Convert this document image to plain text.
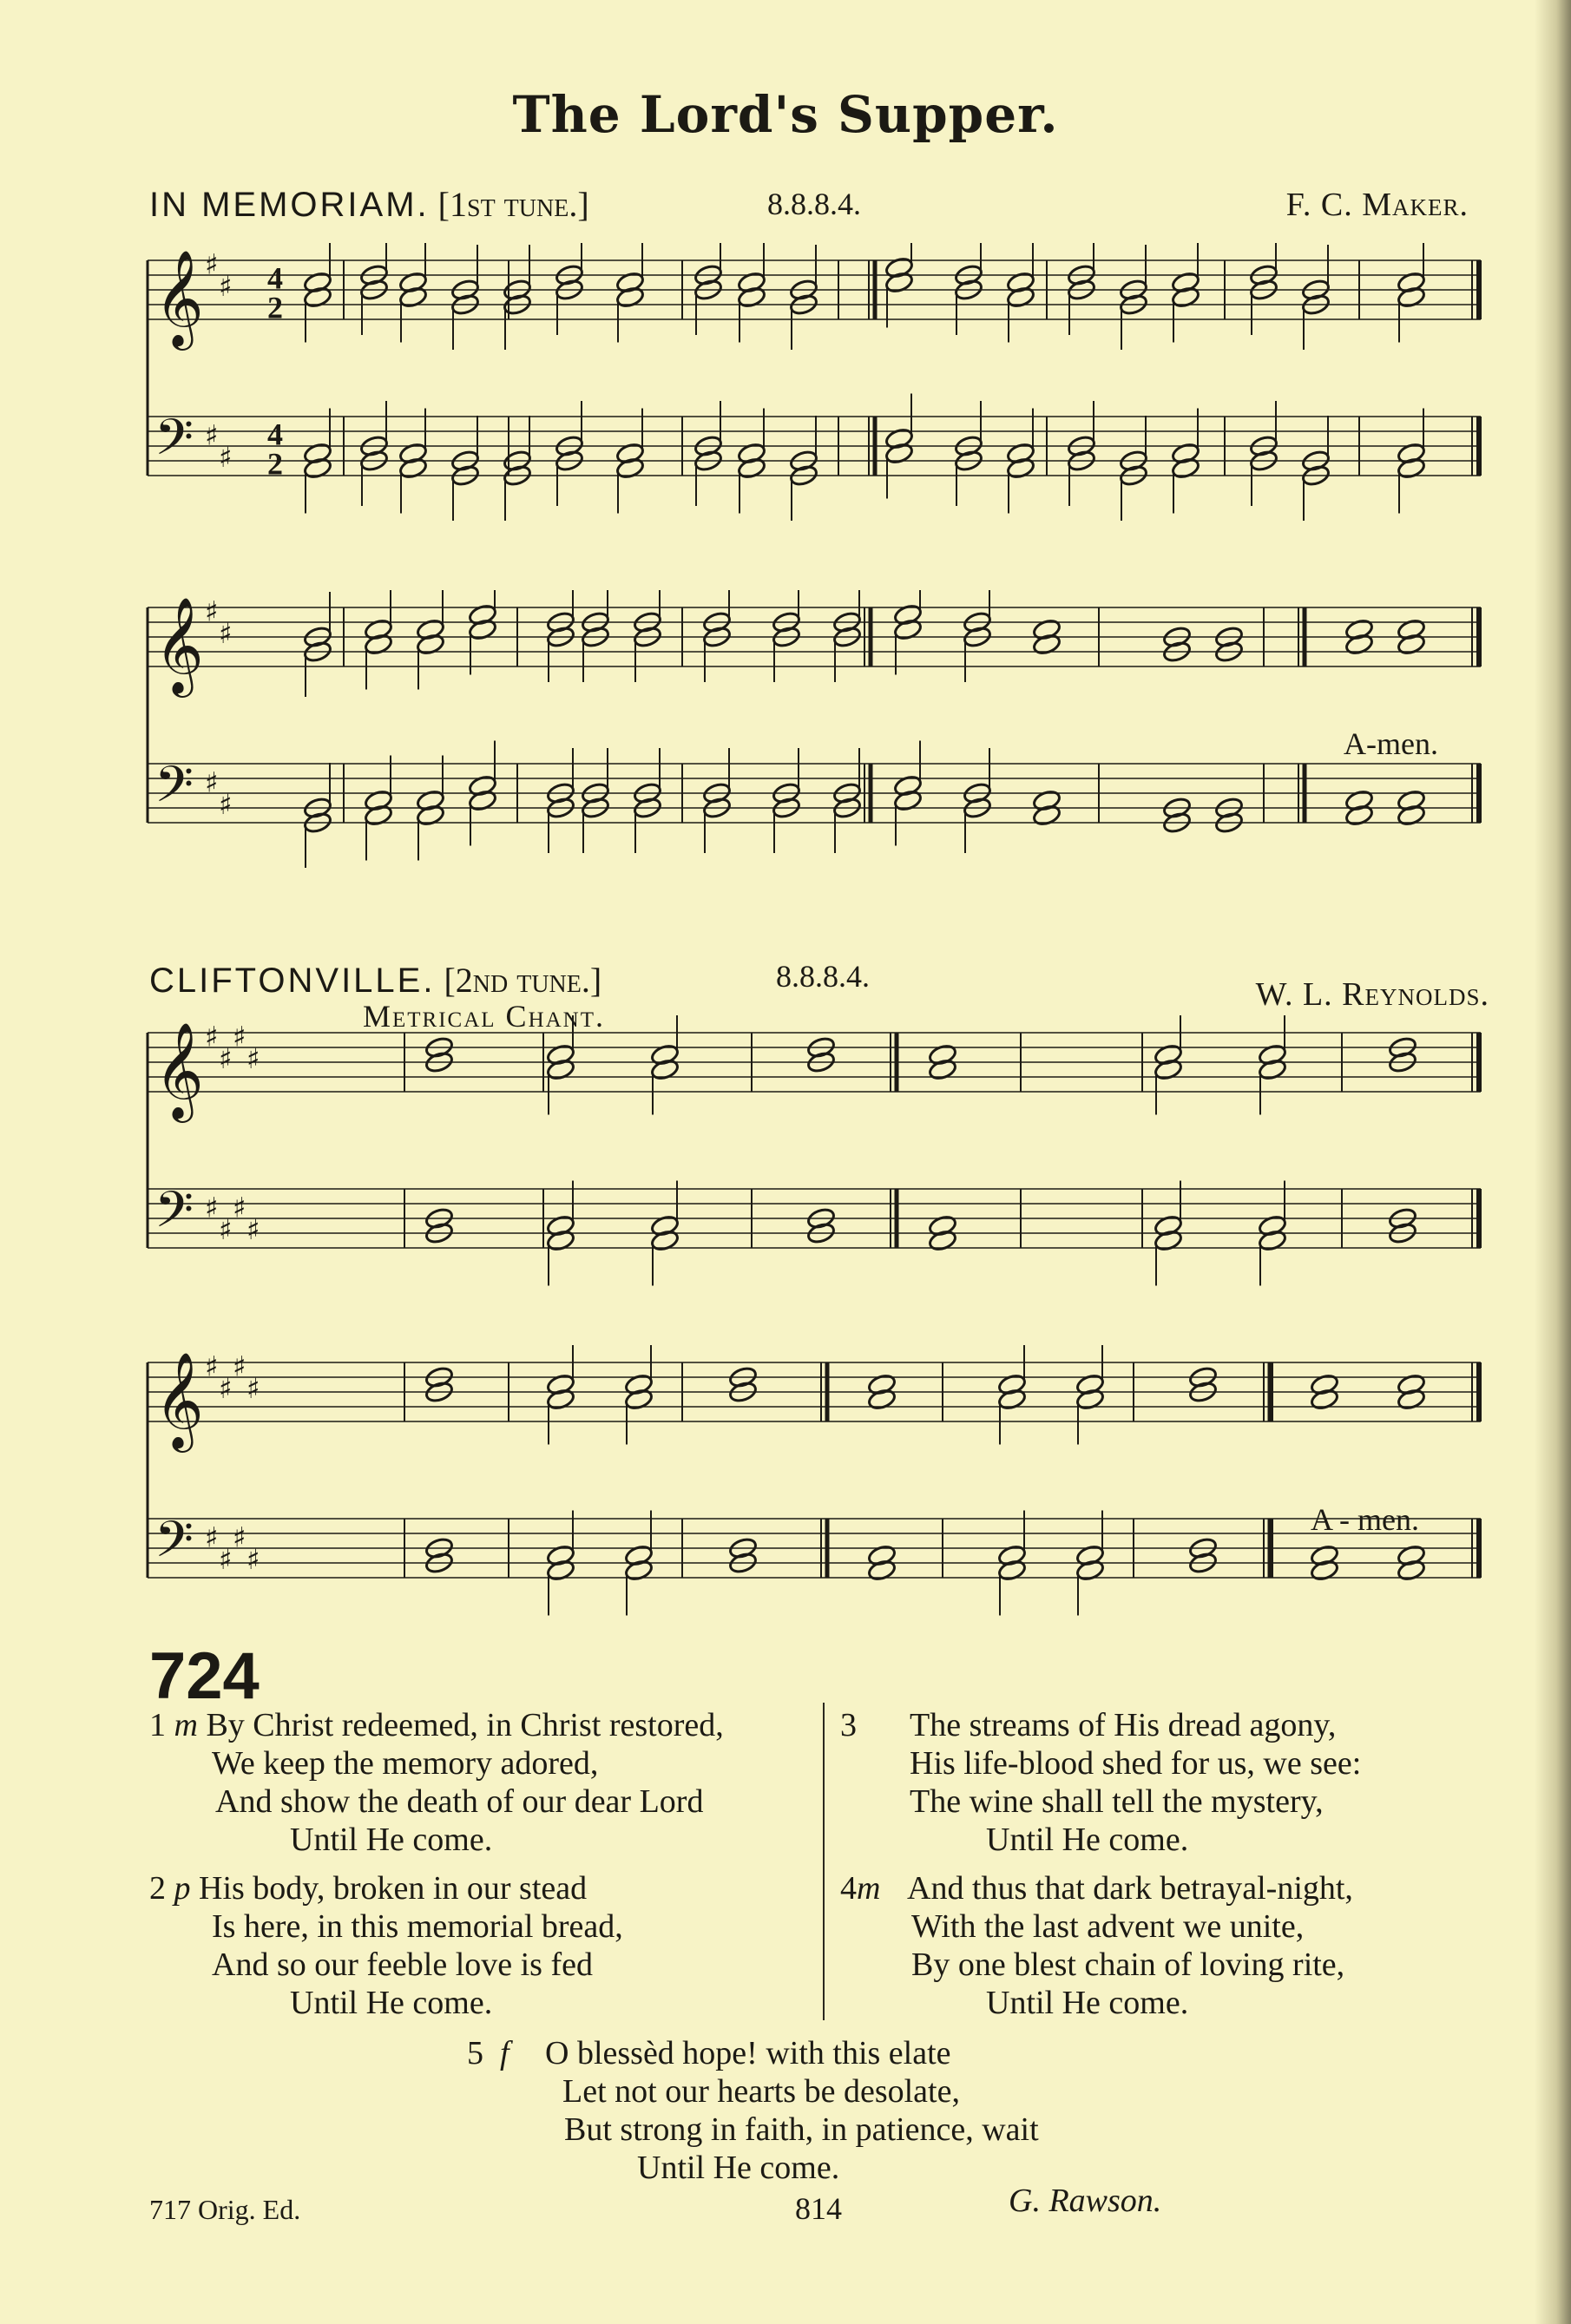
The Lord's Supper.
IN MEMORIAM. [1st tune.]	8.8.8.4.	F. C. Maker.
𝄞 ♯
♯ 4
2
𝄢 ♯
♯
4
2
𝄞 ♯
♯
𝄢 ♯
♯
A-men.
CLIFTONVILLE. [2nd tune.]	8.8.8.4.
Metrical Chant.
W. L. Reynolds.
𝄞 ♯
♯
♯
♯
𝄢 ♯
♯
♯
♯
𝄞 ♯
♯
♯
♯
𝄢 ♯
♯
♯
♯
A - men.
724
1 m By Christ redeemed, in Christ restored,
We keep the memory adored,
And show the death of our dear Lord
Until He come.
2 p His body, broken in our stead
Is here, in this memorial bread,
And so our feeble love is fed
Until He come.
3 The streams of His dread agony,
His life-blood shed for us, we see:
The wine shall tell the mystery,
Until He come.
4m And thus that dark betrayal-night,
With the last advent we unite,
By one blest chain of loving rite,
Until He come.
5 f O blessèd hope! with this elate
Let not our hearts be desolate,
But strong in faith, in patience, wait
Until He come.
717 Orig. Ed.	814	G. Rawson.
